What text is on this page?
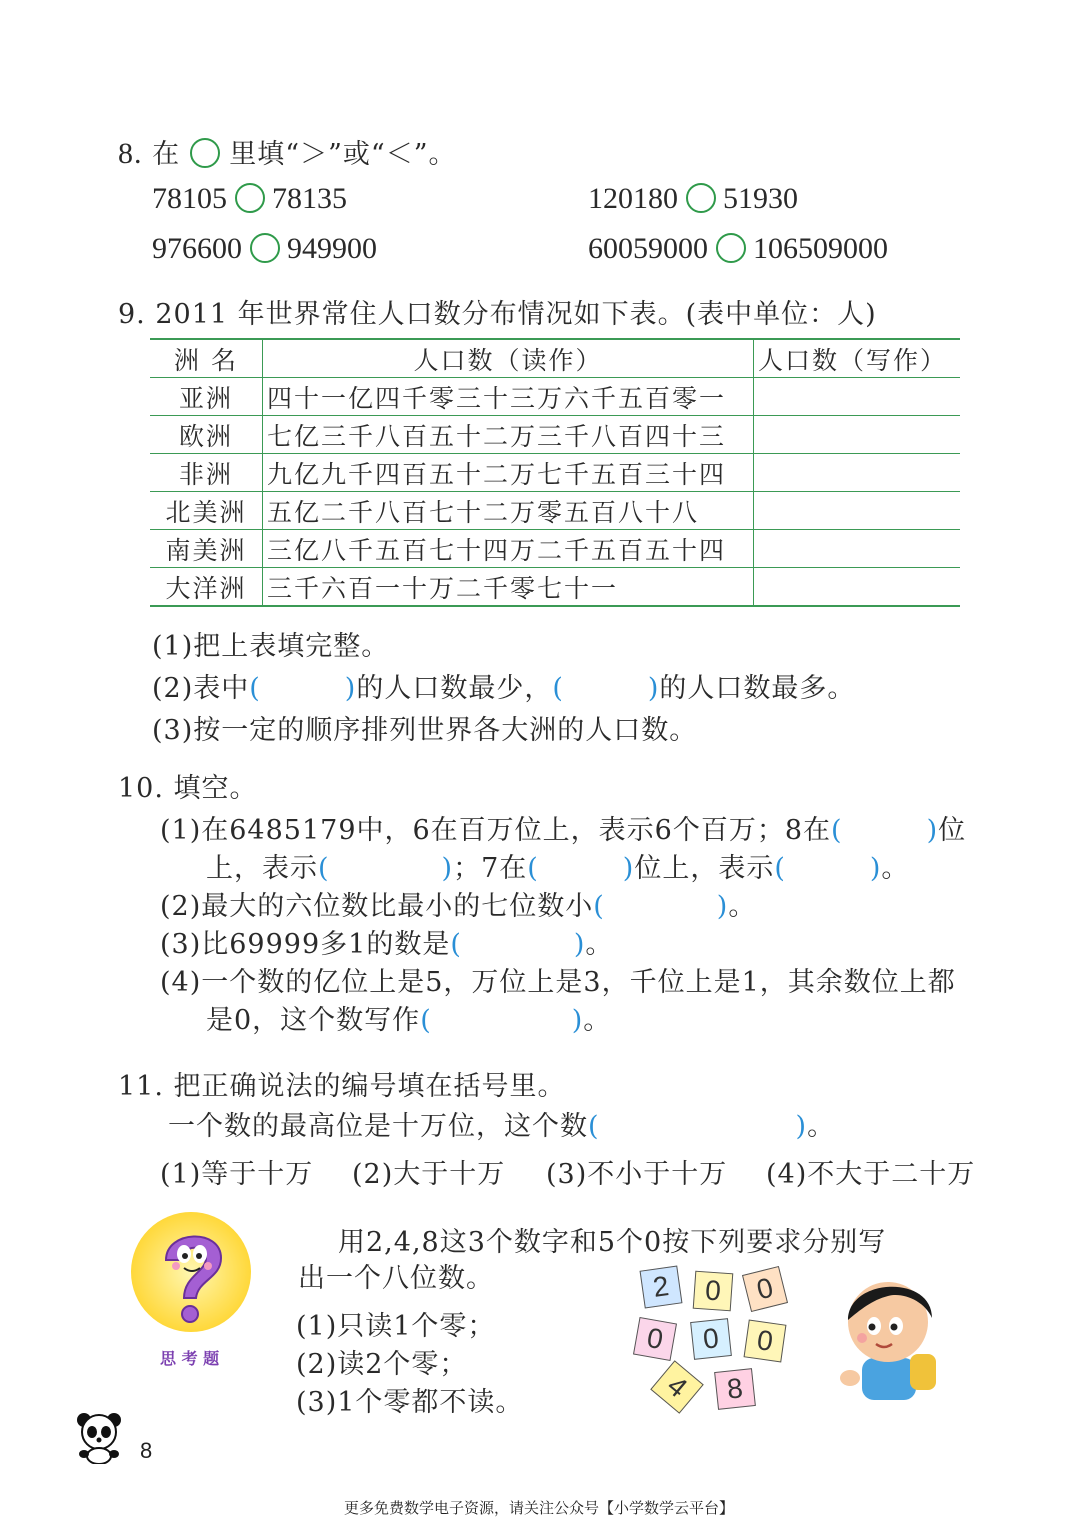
8. 在 里填“＞”或“＜”。
78105 78135	120180 51930
976600 949900	60059000 106509000
9. 2011 年世界常住人口数分布情况如下表。(表中单位：人)
洲 名	人口数（读作）	人口数（写作）
亚洲	四十一亿四千零三十三万六千五百零一	
欧洲	七亿三千八百五十二万三千八百四十三	
非洲	九亿九千四百五十二万七千五百三十四	
北美洲	五亿二千八百七十二万零五百八十八	
南美洲	三亿八千五百七十四万二千五百五十四	
大洋洲	三千六百一十万二千零七十一	
(1)把上表填完整。
(2)表中(   )的人口数最少，(   )的人口数最多。
(3)按一定的顺序排列世界各大洲的人口数。
10. 填空。
(1)在6485179中，6在百万位上，表示6个百万；8在(   )位
上，表示(    )；7在(   )位上，表示(   )。
(2)最大的六位数比最小的七位数小(    )。
(3)比69999多1的数是(    )。
(4)一个数的亿位上是5，万位上是3，千位上是1，其余数位上都
是0，这个数写作(     )。
11. 把正确说法的编号填在括号里。
一个数的最高位是十万位，这个数(       )。
(1)等于十万 (2)大于十万 (3)不小于十万 (4)不大于二十万
思 考 题
用2,4,8这3个数字和5个0按下列要求分别写
出一个八位数。
(1)只读1个零；
(2)读2个零；
(3)1个零都不读。
2	0	0
0	0	0
4	8
8
更多免费数学电子资源，请关注公众号【小学数学云平台】
